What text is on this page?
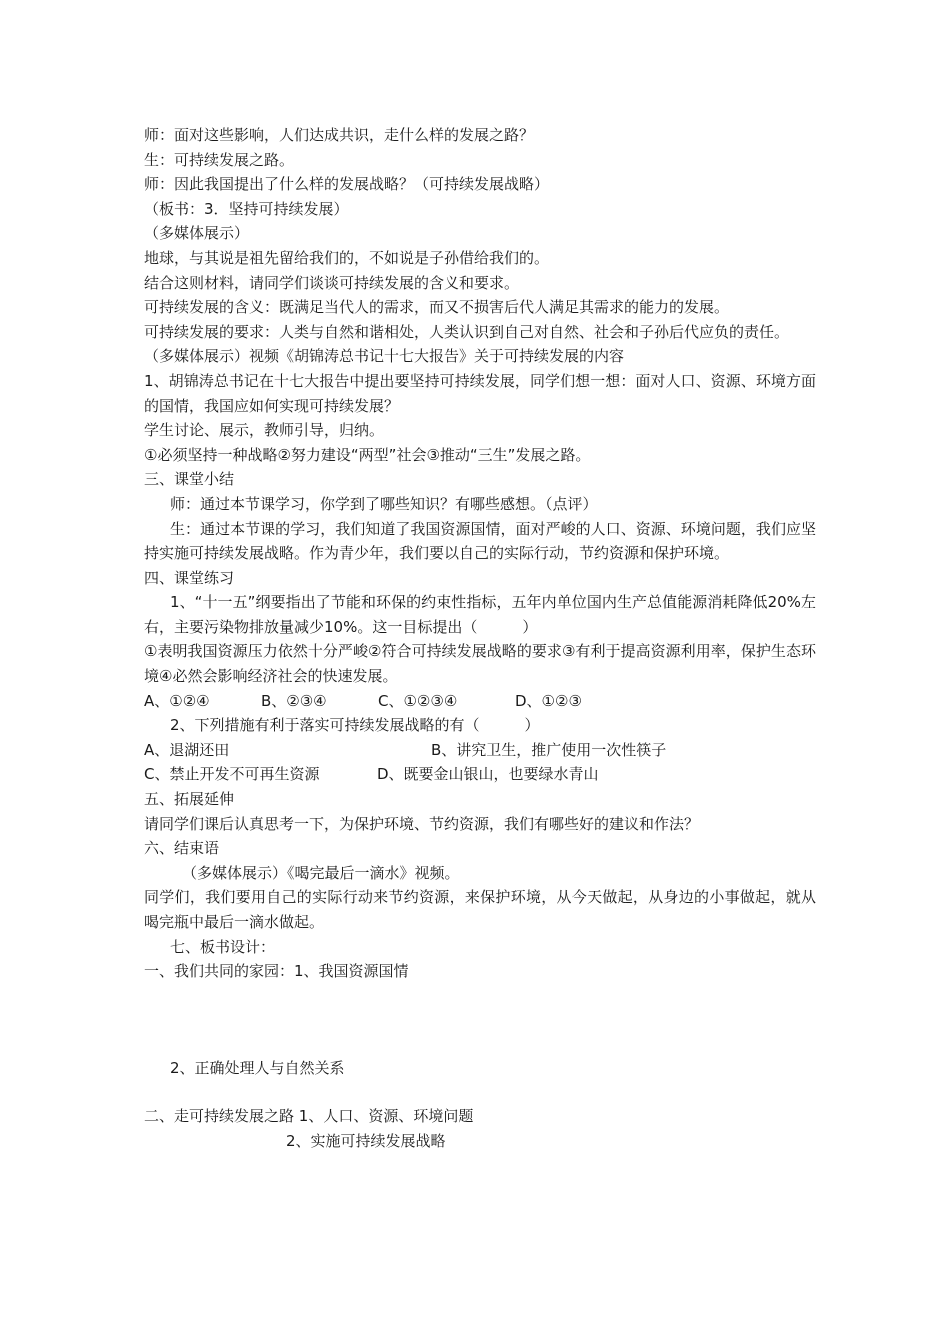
师：面对这些影响，人们达成共识，走什么样的发展之路？
生：可持续发展之路。
师：因此我国提出了什么样的发展战略？（可持续发展战略）
（板书：3．坚持可持续发展）
（多媒体展示）
地球，与其说是祖先留给我们的，不如说是子孙借给我们的。
结合这则材料，请同学们谈谈可持续发展的含义和要求。
可持续发展的含义：既满足当代人的需求，而又不损害后代人满足其需求的能力的发展。
可持续发展的要求：人类与自然和谐相处，人类认识到自己对自然、社会和子孙后代应负的责任。
（多媒体展示）视频《胡锦涛总书记十七大报告》关于可持续发展的内容
1、胡锦涛总书记在十七大报告中提出要坚持可持续发展，同学们想一想：面对人口、资源、环境方面的国情，我国应如何实现可持续发展？
学生讨论、展示，教师引导，归纳。
①必须坚持一种战略②努力建设“两型”社会③推动“三生”发展之路。
三、课堂小结
师：通过本节课学习，你学到了哪些知识？有哪些感想。（点评）
生：通过本节课的学习，我们知道了我国资源国情，面对严峻的人口、资源、环境问题，我们应坚持实施可持续发展战略。作为青少年，我们要以自己的实际行动，节约资源和保护环境。
四、课堂练习
1、“十一五”纲要指出了节能和环保的约束性指标，五年内单位国内生产总值能源消耗降低20%左右，主要污染物排放量减少10%。这一目标提出（　　　）
①表明我国资源压力依然十分严峻②符合可持续发展战略的要求③有利于提高资源利用率，保护生态环境④必然会影响经济社会的快速发展。
A、①②④	B、②③④	C、①②③④	D、①②③
2、下列措施有利于落实可持续发展战略的有（　　　）
A、退湖还田	B、讲究卫生，推广使用一次性筷子
C、禁止开发不可再生资源	D、既要金山银山，也要绿水青山
五、拓展延伸
请同学们课后认真思考一下，为保护环境、节约资源，我们有哪些好的建议和作法？
六、结束语
（多媒体展示）《喝完最后一滴水》视频。
同学们，我们要用自己的实际行动来节约资源，来保护环境，从今天做起，从身边的小事做起，就从喝完瓶中最后一滴水做起。
七、板书设计：
一、我们共同的家园：1、我国资源国情
2、正确处理人与自然关系
二、走可持续发展之路 1、人口、资源、环境问题
2、实施可持续发展战略
